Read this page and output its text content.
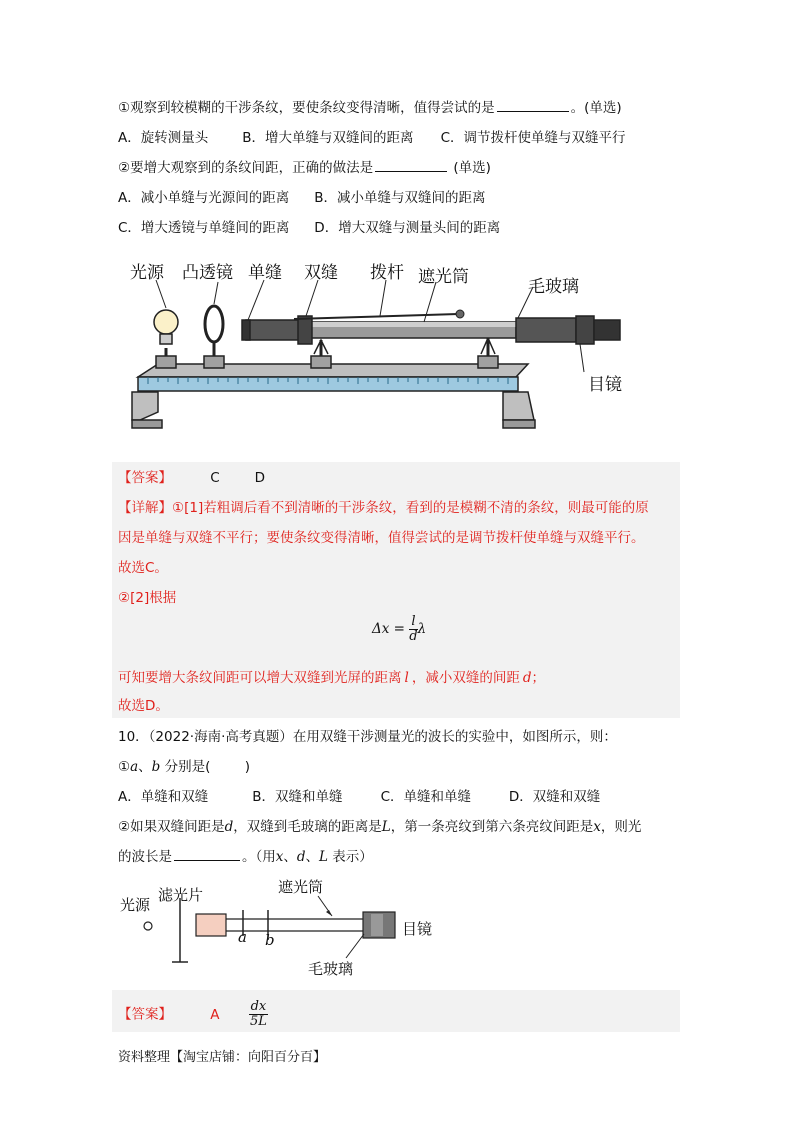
①观察到较模糊的干涉条纹，要使条纹变得清晰，值得尝试的是	。(单选)
A．旋转测量头	B．增大单缝与双缝间的距离 C．调节拨杆使单缝与双缝平行
②要增大观察到的条纹间距，正确的做法是	(单选)
A．减小单缝与光源间的距离 B．减小单缝与双缝间的距离
C．增大透镜与单缝间的距离 D．增大双缝与测量头间的距离
光源 凸透镜 单缝 双缝 拨杆 遮光筒	毛玻璃
目镜
【答案】	C	D
【详解】①[1]若粗调后看不到清晰的干涉条纹，看到的是模糊不清的条纹，则最可能的原
因是单缝与双缝不平行；要使条纹变得清晰，值得尝试的是调节拨杆使单缝与双缝平行。
故选C。
②[2]根据
$\Delta x = \frac{l}{d}$ λ
可知要增大条纹间距可以增大双缝到光屏的距离 l ，减小双缝的间距 d；
故选D。
10．（2022·海南·高考真题）在用双缝干涉测量光的波长的实验中，如图所示，则：
①a、b 分别是(        )
A．单缝和双缝	B．双缝和单缝	C．单缝和单缝	D．双缝和双缝
②如果双缝间距是d，双缝到毛玻璃的距离是L，第一条亮纹到第六条亮纹间距是x，则光
的波长是	。（用x、d、L 表示）
光源
滤光片	遮光筒
目镜
毛玻璃
a b
【答案】	A $\frac{dx}{5L}$
资料整理【淘宝店铺：向阳百分百】
